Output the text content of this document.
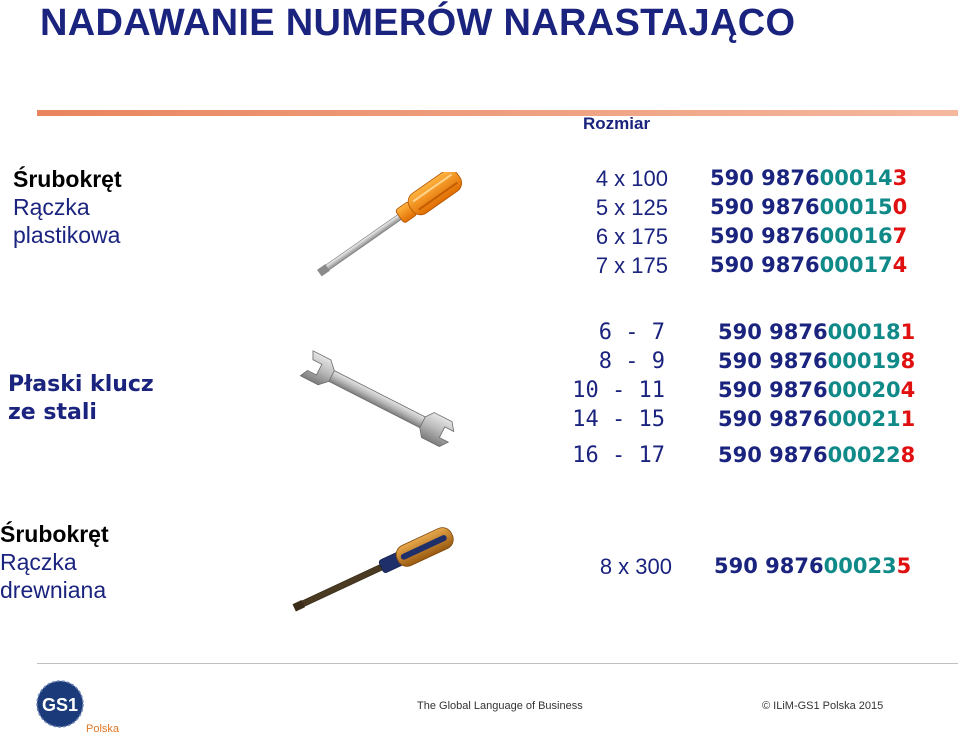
NADAWANIE NUMERÓW NARASTAJĄCO
Rozmiar
Śrubokręt
Rączka
plastikowa
4 x 100
5 x 125
6 x 175
7 x 175
590 9876000143
590 9876000150
590 9876000167
590 9876000174
Płaski klucz
ze stali
6 - 7
8 - 9
10 - 11
14 - 15
16 - 17
590 9876000181
590 9876000198
590 9876000204
590 9876000211
590 9876000228
Śrubokręt
Rączka
drewniana
8 x 300 590 9876000235
GS1
Polska
The Global Language of Business	© ILiM-GS1 Polska 2015
